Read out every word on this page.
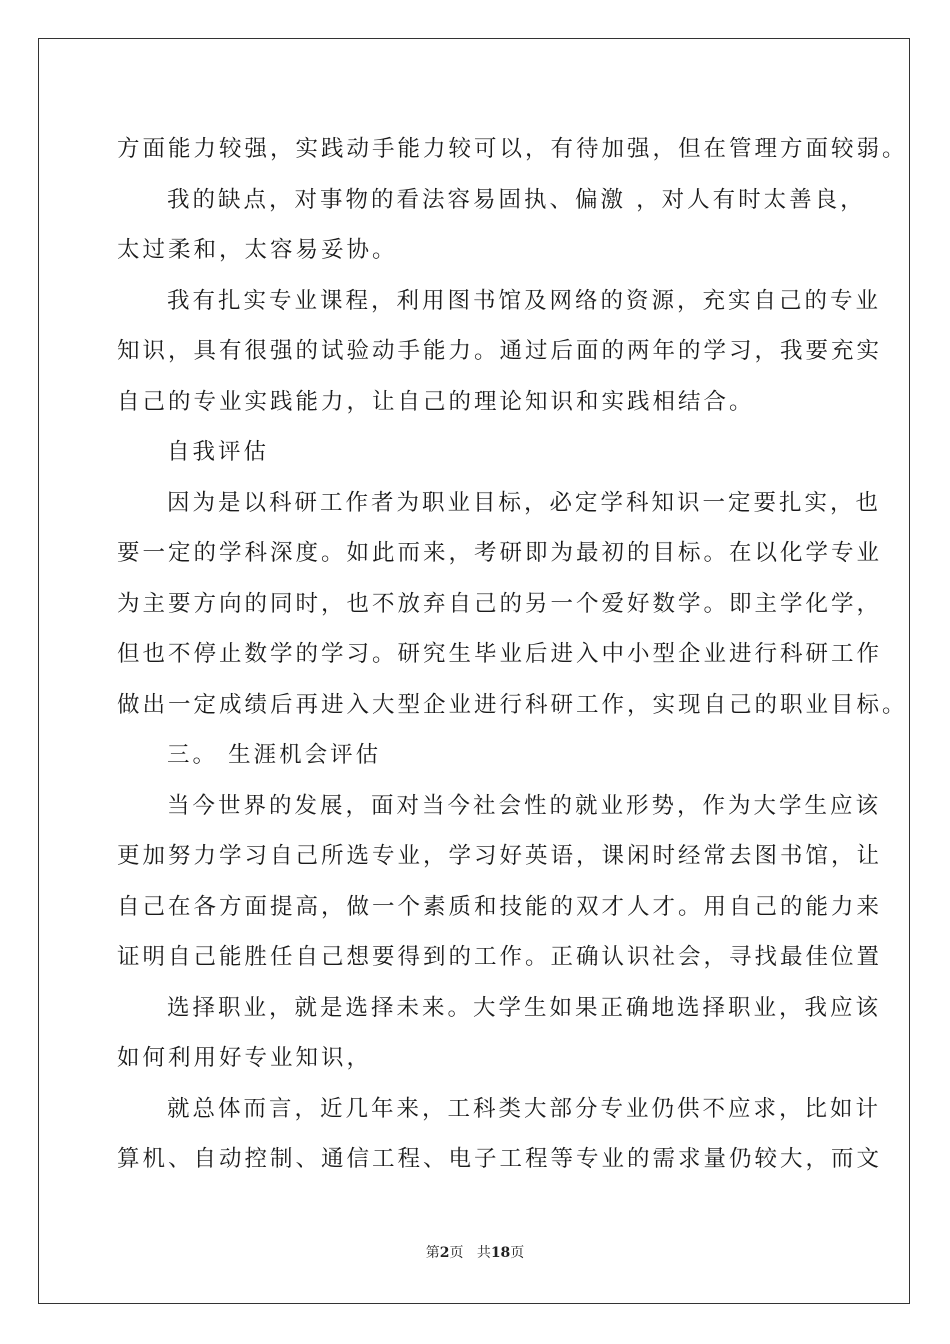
方面能力较强，实践动手能力较可以，有待加强，但在管理方面较弱。
我的缺点，对事物的看法容易固执、偏激 ，对人有时太善良，
太过柔和，太容易妥协。
我有扎实专业课程，利用图书馆及网络的资源，充实自己的专业
知识，具有很强的试验动手能力。通过后面的两年的学习，我要充实
自己的专业实践能力，让自己的理论知识和实践相结合。
自我评估
因为是以科研工作者为职业目标，必定学科知识一定要扎实，也
要一定的学科深度。如此而来，考研即为最初的目标。在以化学专业
为主要方向的同时，也不放弃自己的另一个爱好数学。即主学化学，
但也不停止数学的学习。研究生毕业后进入中小型企业进行科研工作
做出一定成绩后再进入大型企业进行科研工作，实现自己的职业目标。
三。 生涯机会评估
当今世界的发展，面对当今社会性的就业形势，作为大学生应该
更加努力学习自己所选专业，学习好英语，课闲时经常去图书馆，让
自己在各方面提高，做一个素质和技能的双才人才。用自己的能力来
证明自己能胜任自己想要得到的工作。正确认识社会，寻找最佳位置
选择职业，就是选择未来。大学生如果正确地选择职业，我应该
如何利用好专业知识，
就总体而言，近几年来，工科类大部分专业仍供不应求，比如计
算机、自动控制、通信工程、电子工程等专业的需求量仍较大，而文
第2页 共18页
